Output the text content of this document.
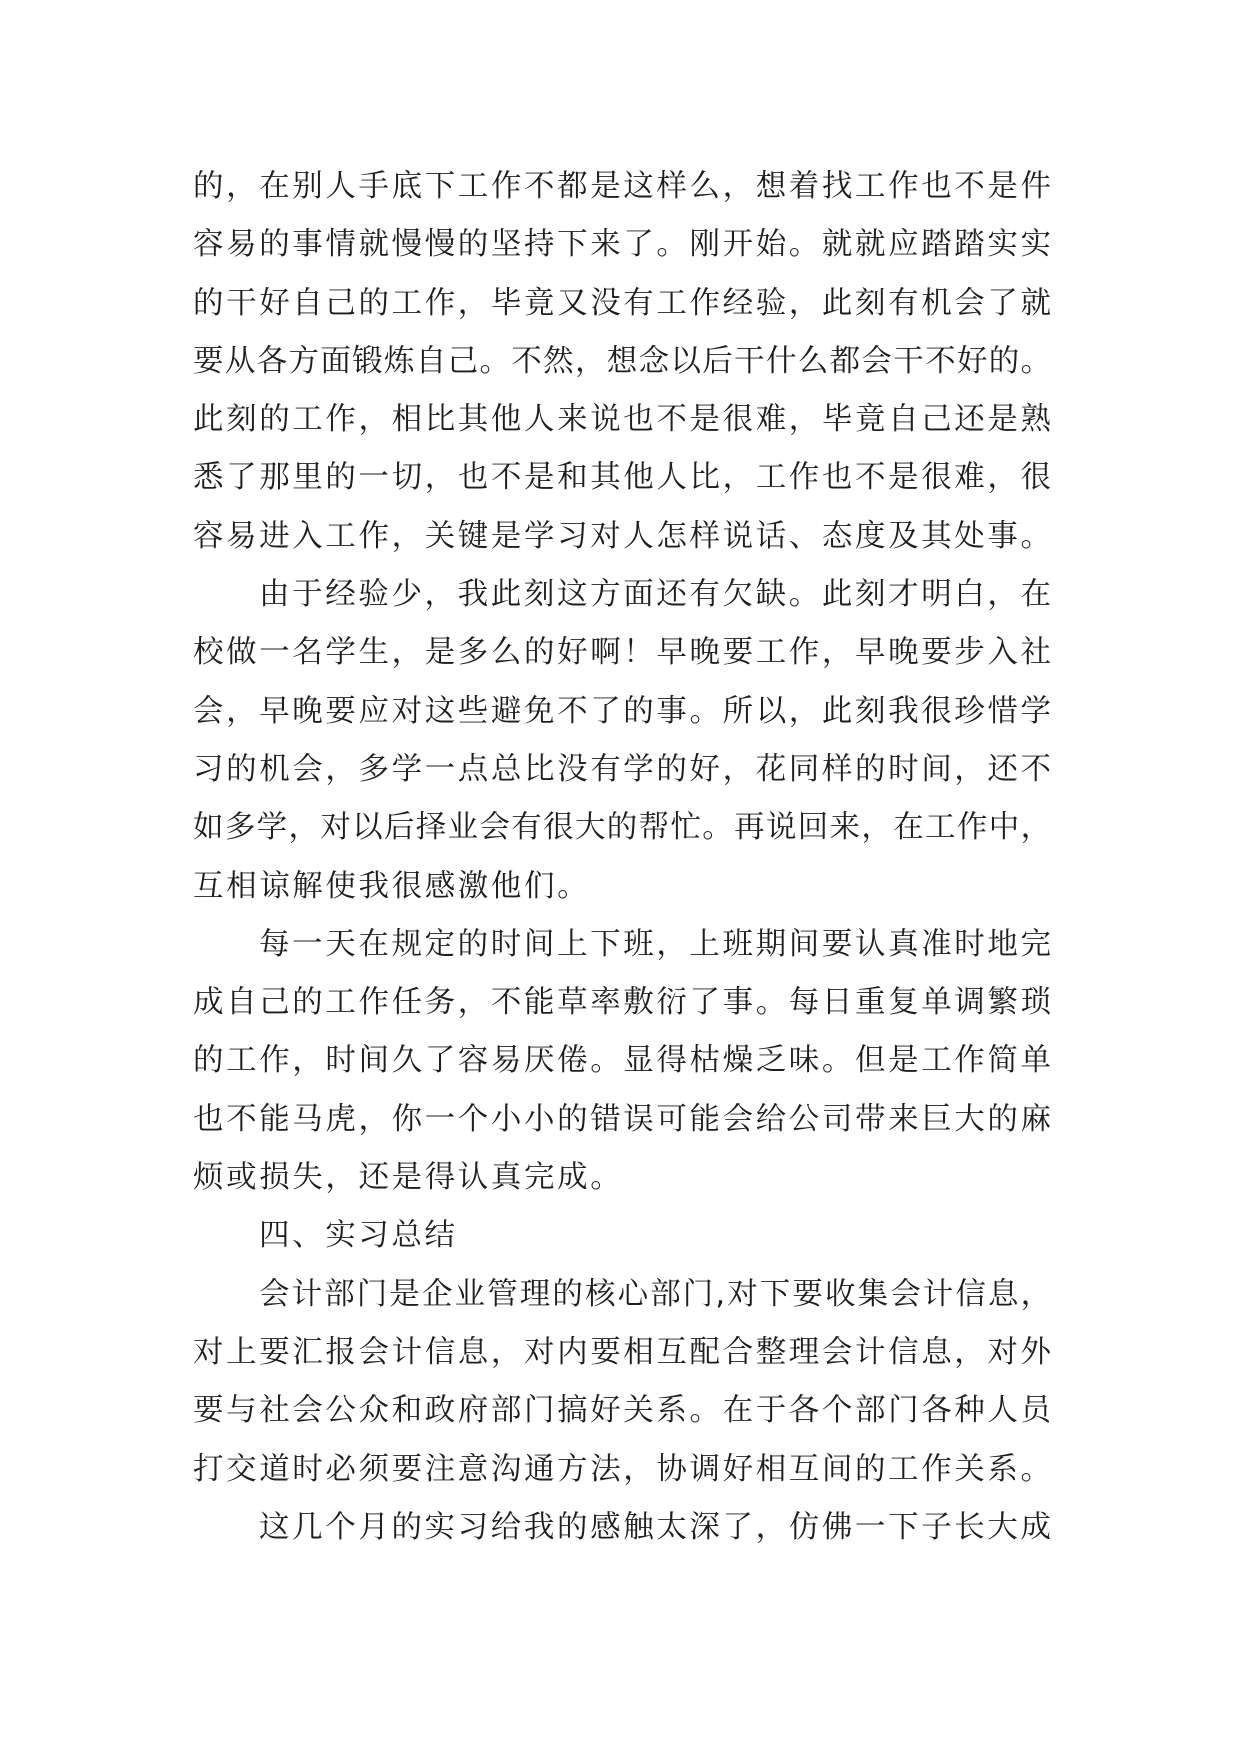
的，在别人手底下工作不都是这样么，想着找工作也不是件
容易的事情就慢慢的坚持下来了。刚开始。就就应踏踏实实
的干好自己的工作，毕竟又没有工作经验，此刻有机会了就
要从各方面锻炼自己。不然，想念以后干什么都会干不好的。
此刻的工作，相比其他人来说也不是很难，毕竟自己还是熟
悉了那里的一切，也不是和其他人比，工作也不是很难，很
容易进入工作，关键是学习对人怎样说话、态度及其处事。
由于经验少，我此刻这方面还有欠缺。此刻才明白，在
校做一名学生，是多么的好啊！早晚要工作，早晚要步入社
会，早晚要应对这些避免不了的事。所以，此刻我很珍惜学
习的机会，多学一点总比没有学的好，花同样的时间，还不
如多学，对以后择业会有很大的帮忙。再说回来，在工作中，
互相谅解使我很感激他们。
每一天在规定的时间上下班，上班期间要认真准时地完
成自己的工作任务，不能草率敷衍了事。每日重复单调繁琐
的工作，时间久了容易厌倦。显得枯燥乏味。但是工作简单
也不能马虎，你一个小小的错误可能会给公司带来巨大的麻
烦或损失，还是得认真完成。
四、实习总结
会计部门是企业管理的核心部门,对下要收集会计信息，
对上要汇报会计信息，对内要相互配合整理会计信息，对外
要与社会公众和政府部门搞好关系。在于各个部门各种人员
打交道时必须要注意沟通方法，协调好相互间的工作关系。
这几个月的实习给我的感触太深了，仿佛一下子长大成
